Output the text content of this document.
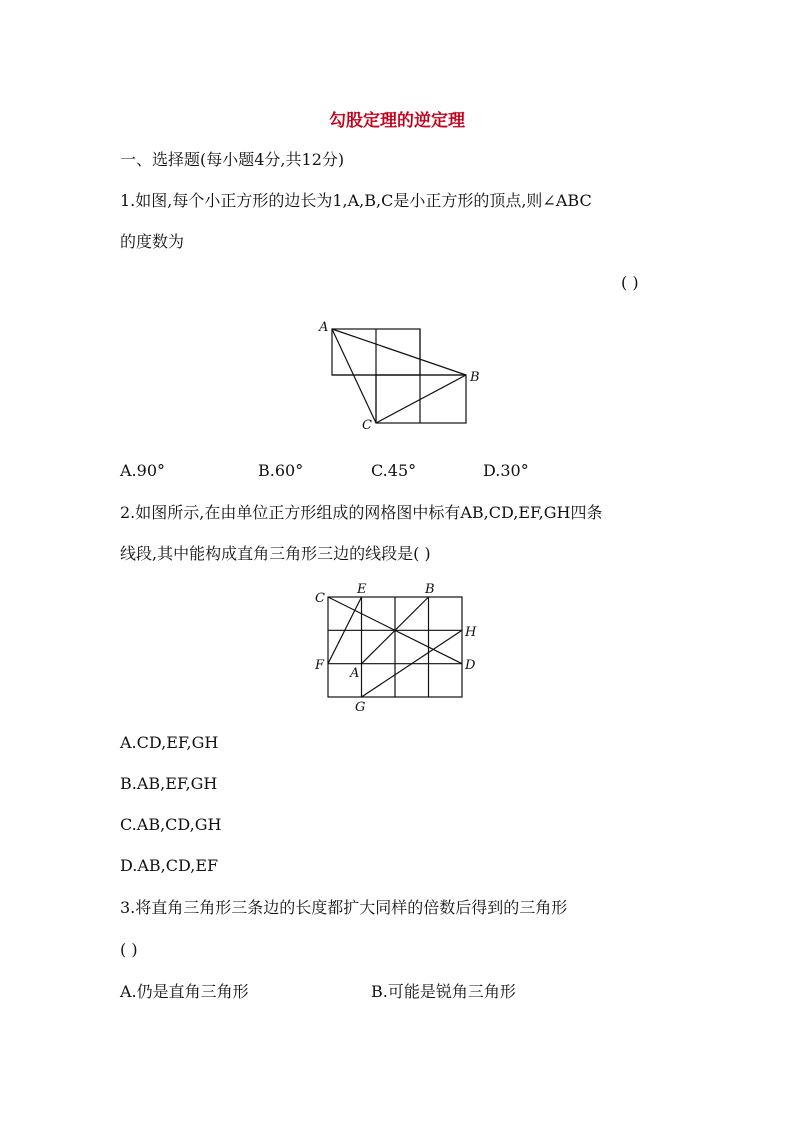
勾股定理的逆定理
一、选择题(每小题4分,共12分)
1.如图,每个小正方形的边长为1,A,B,C是小正方形的顶点,则∠ABC
的度数为
( )
A
B
C
A.90°	B.60°	C.45°	D.30°
2.如图所示,在由单位正方形组成的网格图中标有AB,CD,EF,GH四条
线段,其中能构成直角三角形三边的线段是( )
C
E	B
H
F
A
D
G
A.CD,EF,GH
B.AB,EF,GH
C.AB,CD,GH
D.AB,CD,EF
3.将直角三角形三条边的长度都扩大同样的倍数后得到的三角形
( )
A.仍是直角三角形	B.可能是锐角三角形
